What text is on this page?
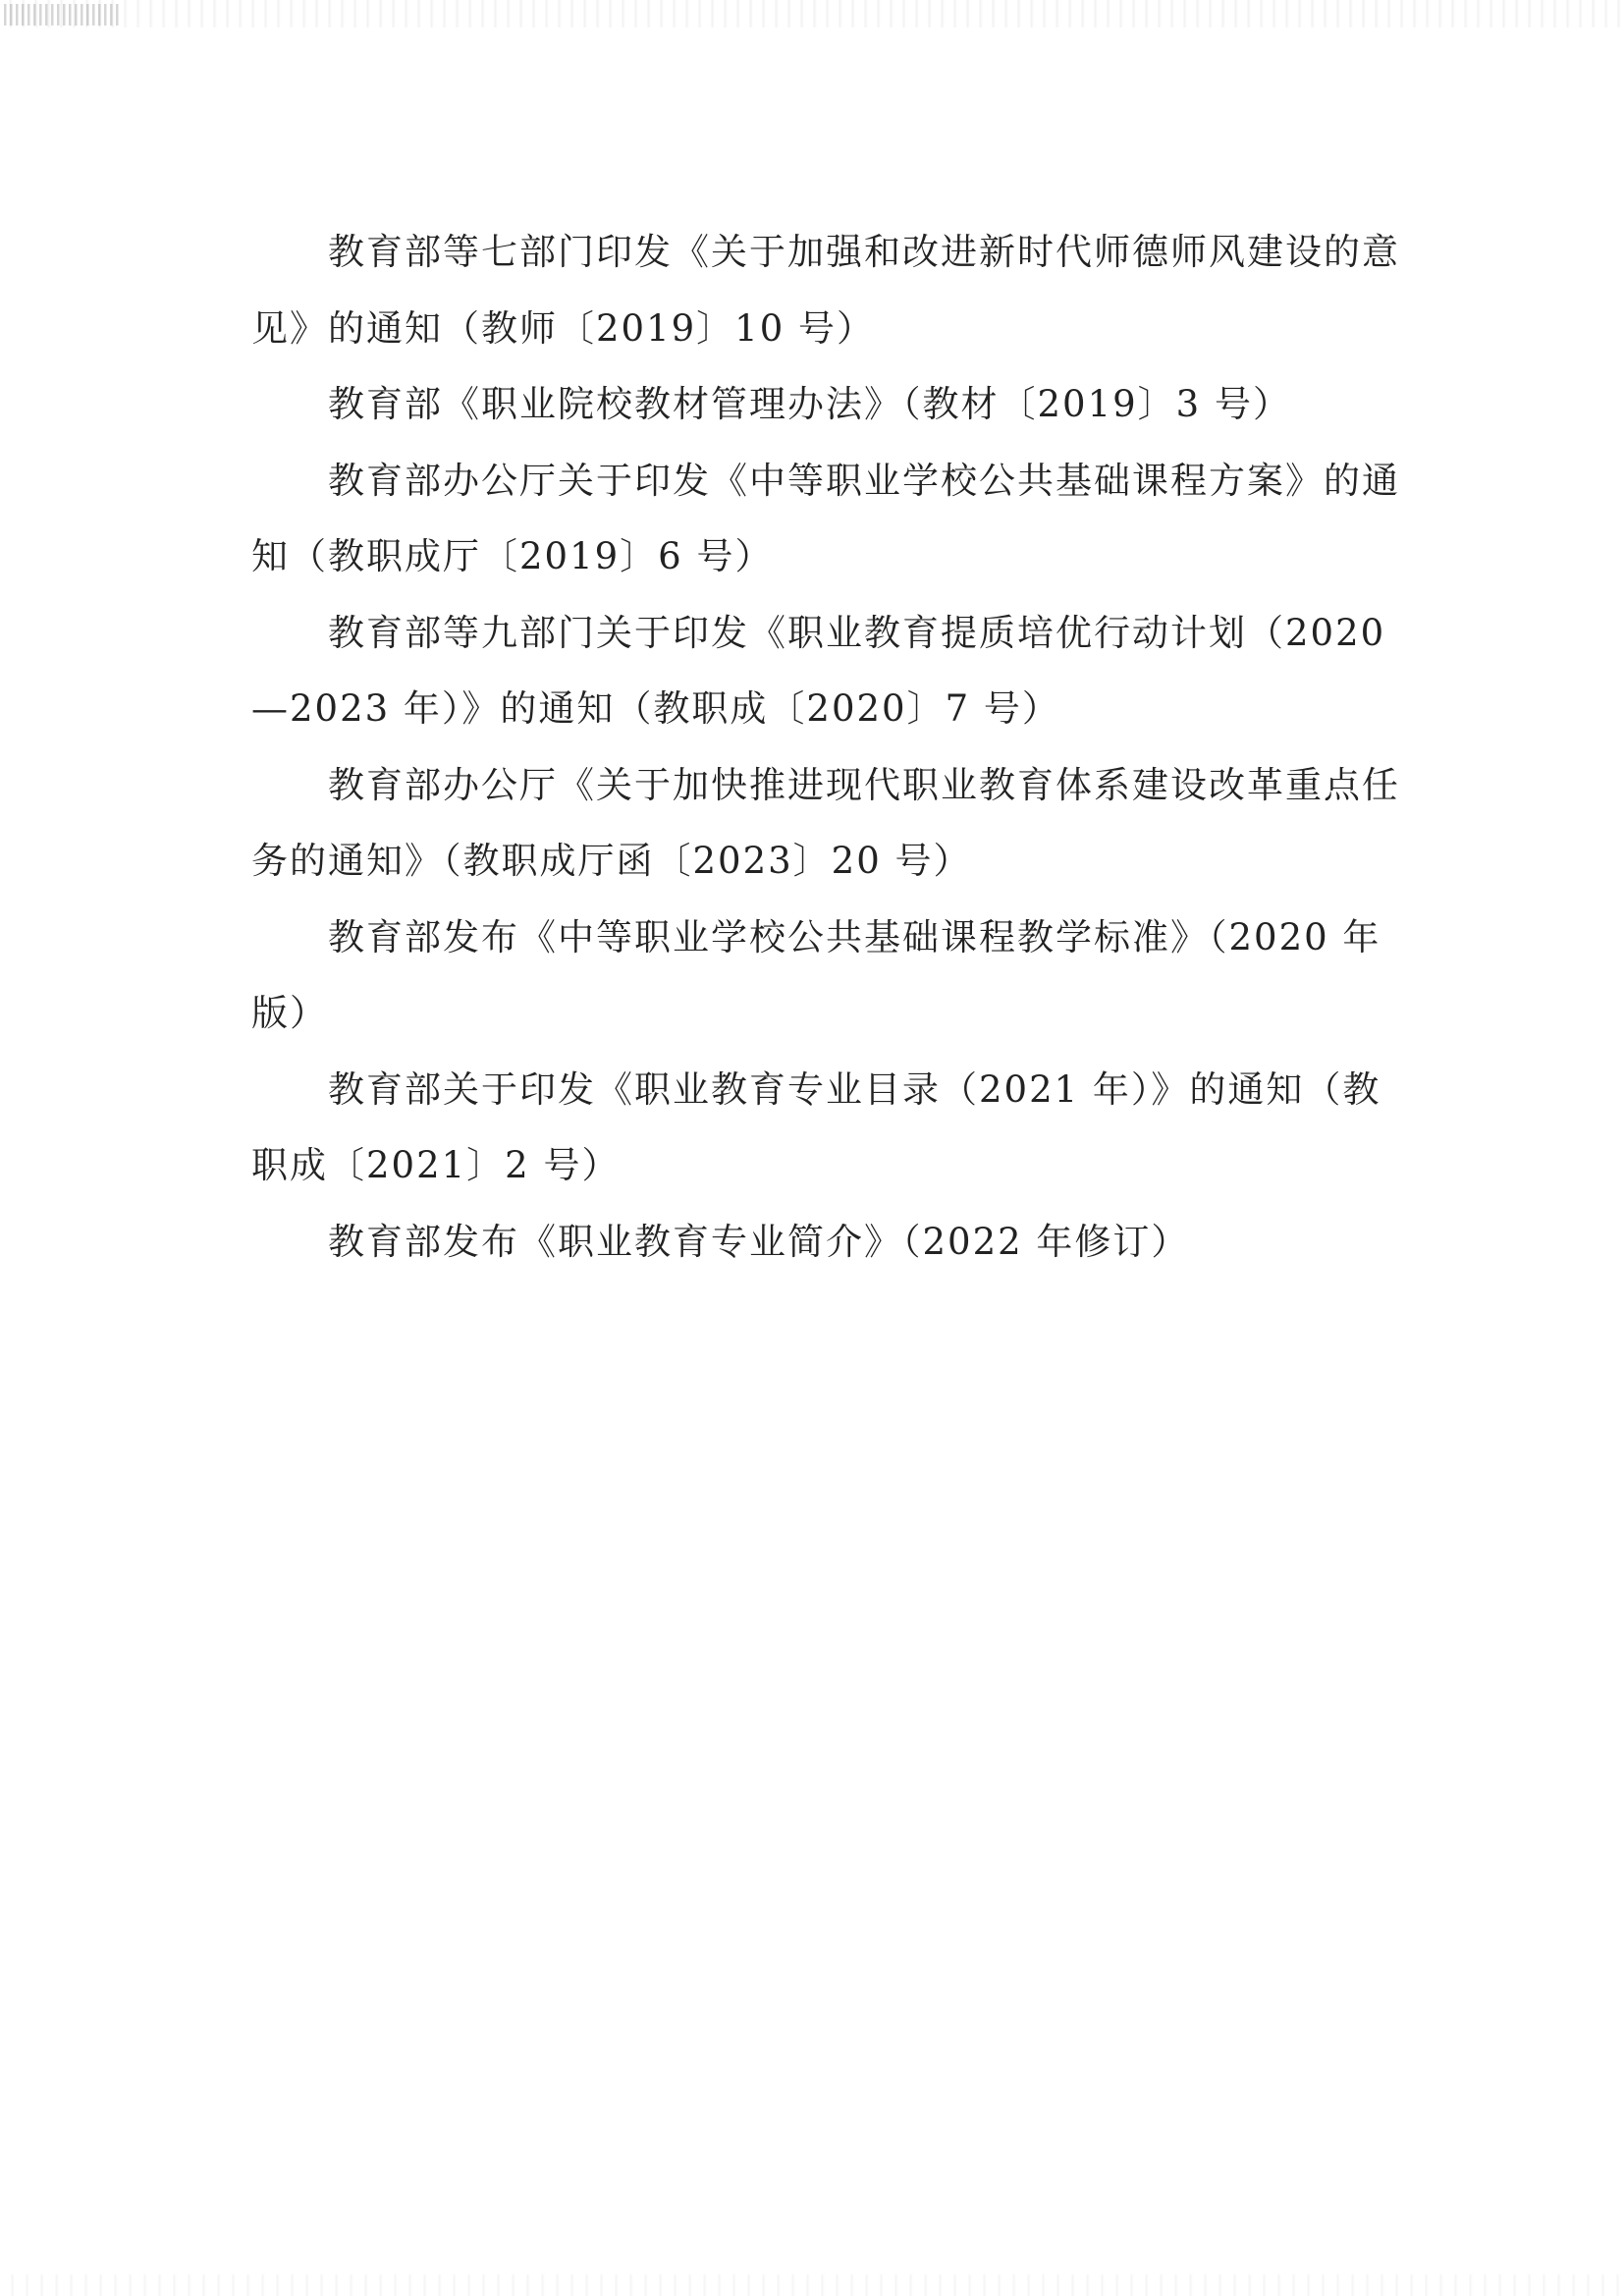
教育部等七部门印发《关于加强和改进新时代师德师风建设的意
见》的通知（教师〔2019〕10 号）
教育部《职业院校教材管理办法》（教材〔2019〕3 号）
教育部办公厅关于印发《中等职业学校公共基础课程方案》的通
知（教职成厅〔2019〕6 号）
教育部等九部门关于印发《职业教育提质培优行动计划（2020
—2023 年）》的通知（教职成〔2020〕7 号）
教育部办公厅《关于加快推进现代职业教育体系建设改革重点任
务的通知》（教职成厅函〔2023〕20 号）
教育部发布《中等职业学校公共基础课程教学标准》（2020 年
版）
教育部关于印发《职业教育专业目录（2021 年）》的通知（教
职成〔2021〕2 号）
教育部发布《职业教育专业简介》（2022 年修订）
